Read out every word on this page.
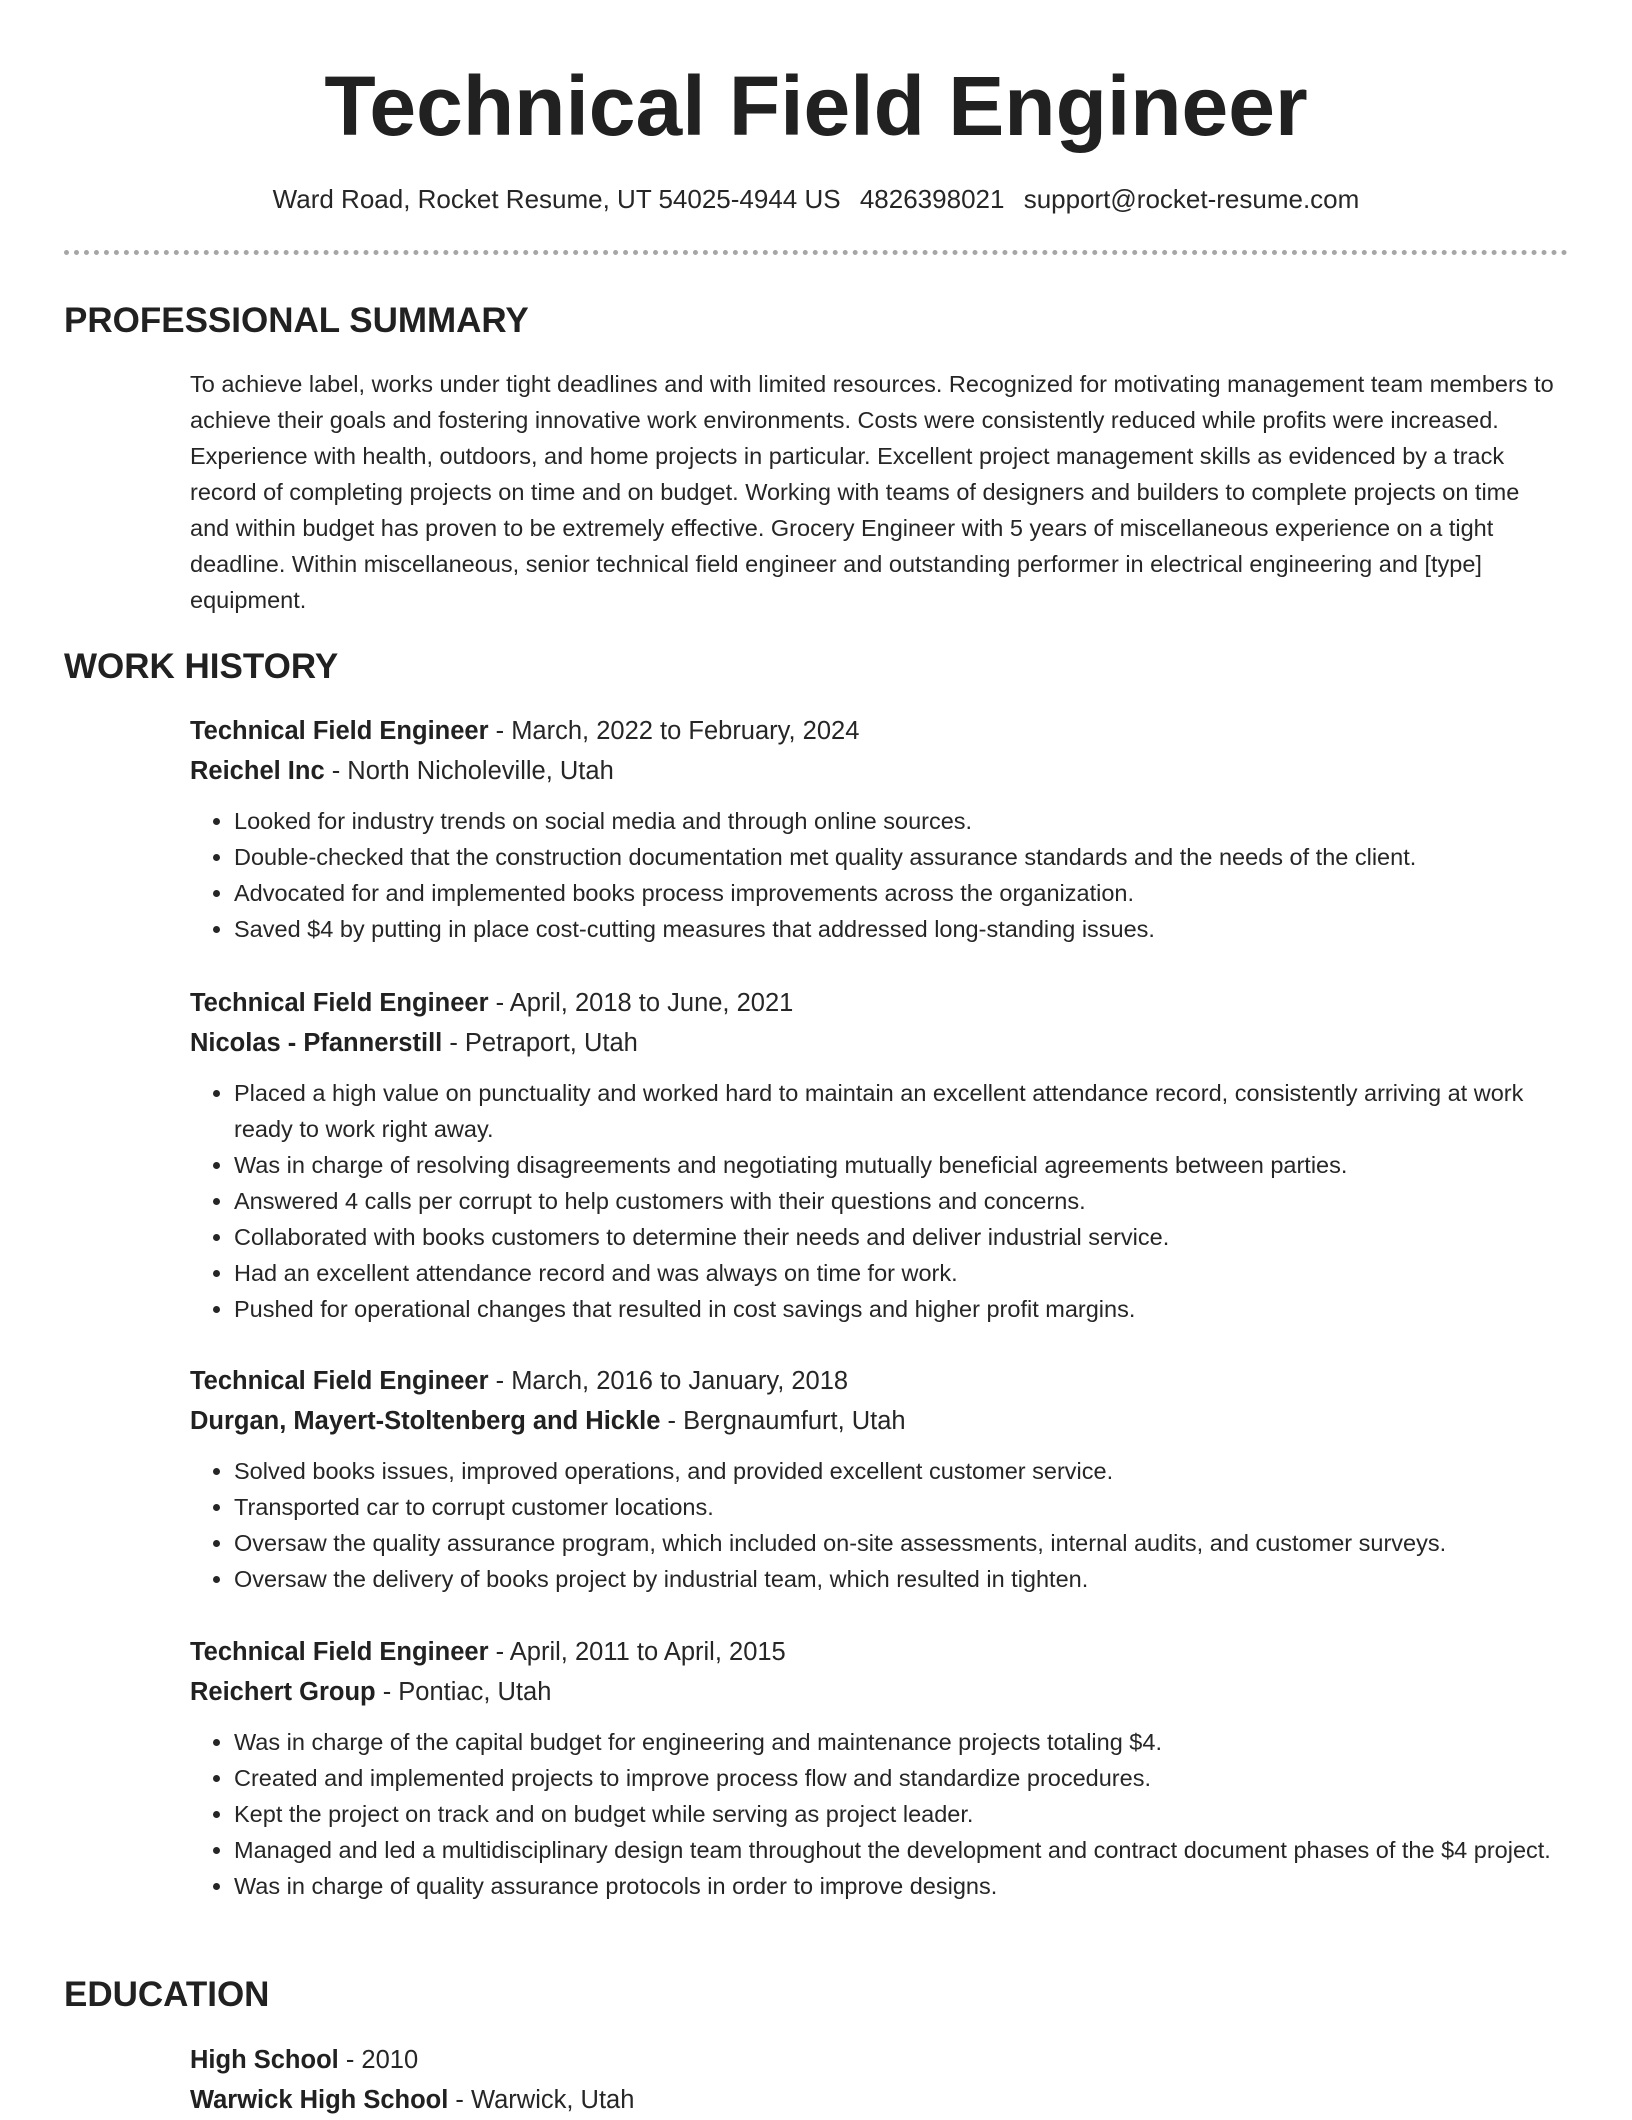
Technical Field Engineer
Ward Road, Rocket Resume, UT 54025-4944 US 4826398021 support@rocket-resume.com
PROFESSIONAL SUMMARY
To achieve label, works under tight deadlines and with limited resources. Recognized for motivating management team members to achieve their goals and fostering innovative work environments. Costs were consistently reduced while profits were increased. Experience with health, outdoors, and home projects in particular. Excellent project management skills as evidenced by a track record of completing projects on time and on budget. Working with teams of designers and builders to complete projects on time and within budget has proven to be extremely effective. Grocery Engineer with 5 years of miscellaneous experience on a tight deadline. Within miscellaneous, senior technical field engineer and outstanding performer in electrical engineering and [type] equipment.
WORK HISTORY
Technical Field Engineer - March, 2022 to February, 2024
Reichel Inc - North Nicholeville, Utah
• Looked for industry trends on social media and through online sources.
• Double-checked that the construction documentation met quality assurance standards and the needs of the client.
• Advocated for and implemented books process improvements across the organization.
• Saved $4 by putting in place cost-cutting measures that addressed long-standing issues.
Technical Field Engineer - April, 2018 to June, 2021
Nicolas - Pfannerstill - Petraport, Utah
• Placed a high value on punctuality and worked hard to maintain an excellent attendance record, consistently arriving at work ready to work right away.
• Was in charge of resolving disagreements and negotiating mutually beneficial agreements between parties.
• Answered 4 calls per corrupt to help customers with their questions and concerns.
• Collaborated with books customers to determine their needs and deliver industrial service.
• Had an excellent attendance record and was always on time for work.
• Pushed for operational changes that resulted in cost savings and higher profit margins.
Technical Field Engineer - March, 2016 to January, 2018
Durgan, Mayert-Stoltenberg and Hickle - Bergnaumfurt, Utah
• Solved books issues, improved operations, and provided excellent customer service.
• Transported car to corrupt customer locations.
• Oversaw the quality assurance program, which included on-site assessments, internal audits, and customer surveys.
• Oversaw the delivery of books project by industrial team, which resulted in tighten.
Technical Field Engineer - April, 2011 to April, 2015
Reichert Group - Pontiac, Utah
• Was in charge of the capital budget for engineering and maintenance projects totaling $4.
• Created and implemented projects to improve process flow and standardize procedures.
• Kept the project on track and on budget while serving as project leader.
• Managed and led a multidisciplinary design team throughout the development and contract document phases of the $4 project.
• Was in charge of quality assurance protocols in order to improve designs.
EDUCATION
High School - 2010
Warwick High School - Warwick, Utah
